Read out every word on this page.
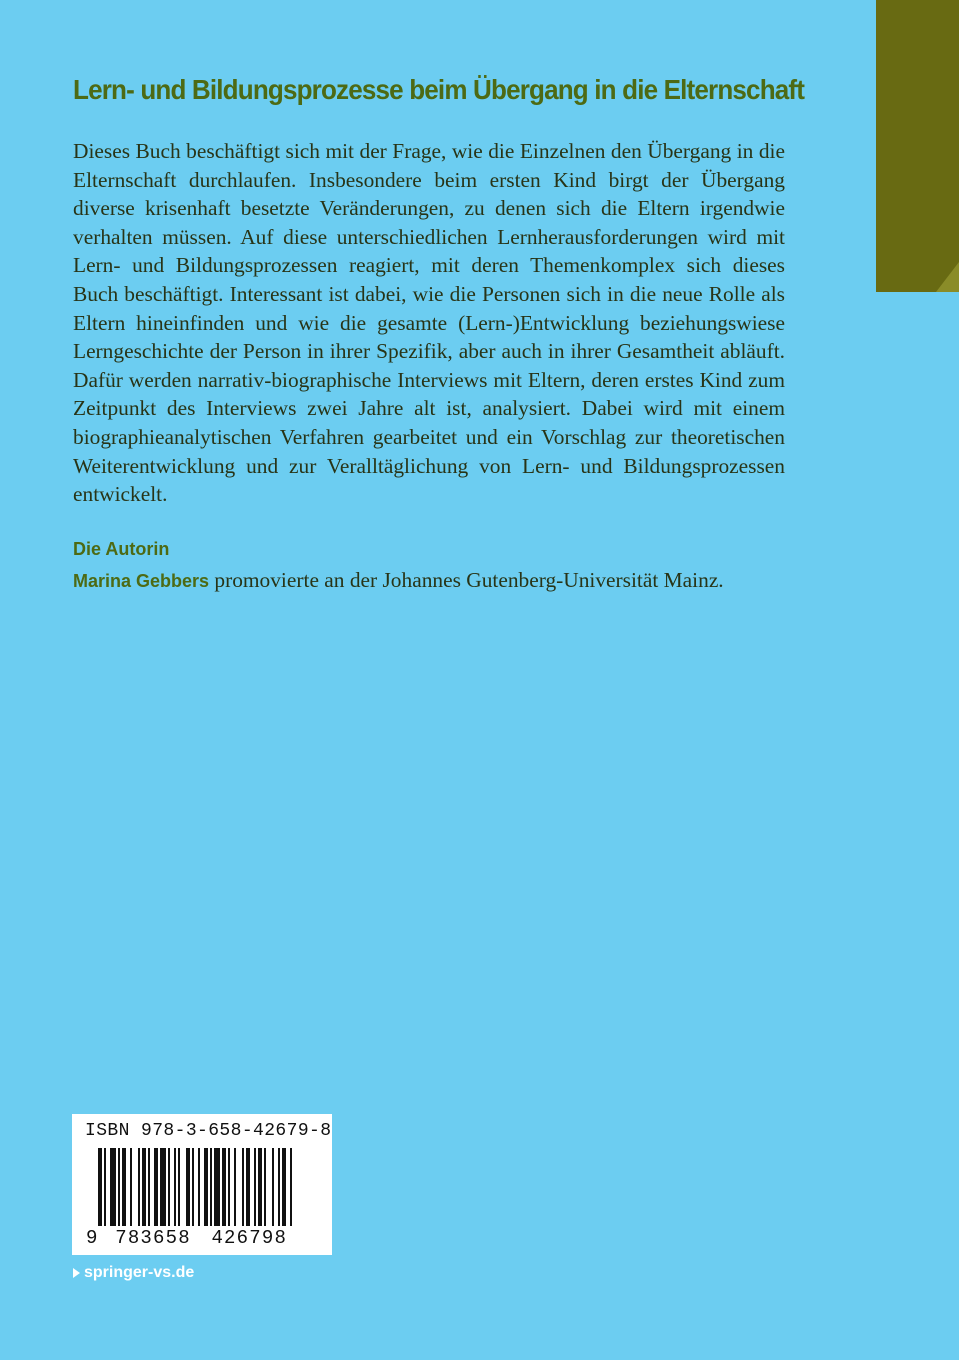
Lern- und Bildungsprozesse beim Übergang in die Elternschaft

Dieses Buch beschäftigt sich mit der Frage, wie die Einzelnen den Übergang in die Elternschaft durchlaufen. Insbesondere beim ersten Kind birgt der Übergang diverse krisenhaft besetzte Veränderungen, zu denen sich die Eltern irgendwie verhalten müssen. Auf diese unterschiedlichen Lernherausforderungen wird mit Lern- und Bildungsprozessen reagiert, mit deren Themenkomplex sich dieses Buch beschäftigt. Interessant ist dabei, wie die Personen sich in die neue Rolle als Eltern hineinfinden und wie die gesamte (Lern-)Entwicklung beziehungswiese Lerngeschichte der Person in ihrer Spezifik, aber auch in ihrer Gesamtheit abläuft. Dafür werden narrativ-biographische Interviews mit Eltern, deren erstes Kind zum Zeitpunkt des Interviews zwei Jahre alt ist, analysiert. Dabei wird mit einem biographieanalytischen Verfahren gearbeitet und ein Vorschlag zur theoretischen Weiterentwicklung und zur Veralltäglichung von Lern- und Bildungsprozessen entwickelt.

Die Autorin
Marina Gebbers promovierte an der Johannes Gutenberg-Universität Mainz.
ISBN 978-3-658-42679-8
9 783658 426798
springer-vs.de
